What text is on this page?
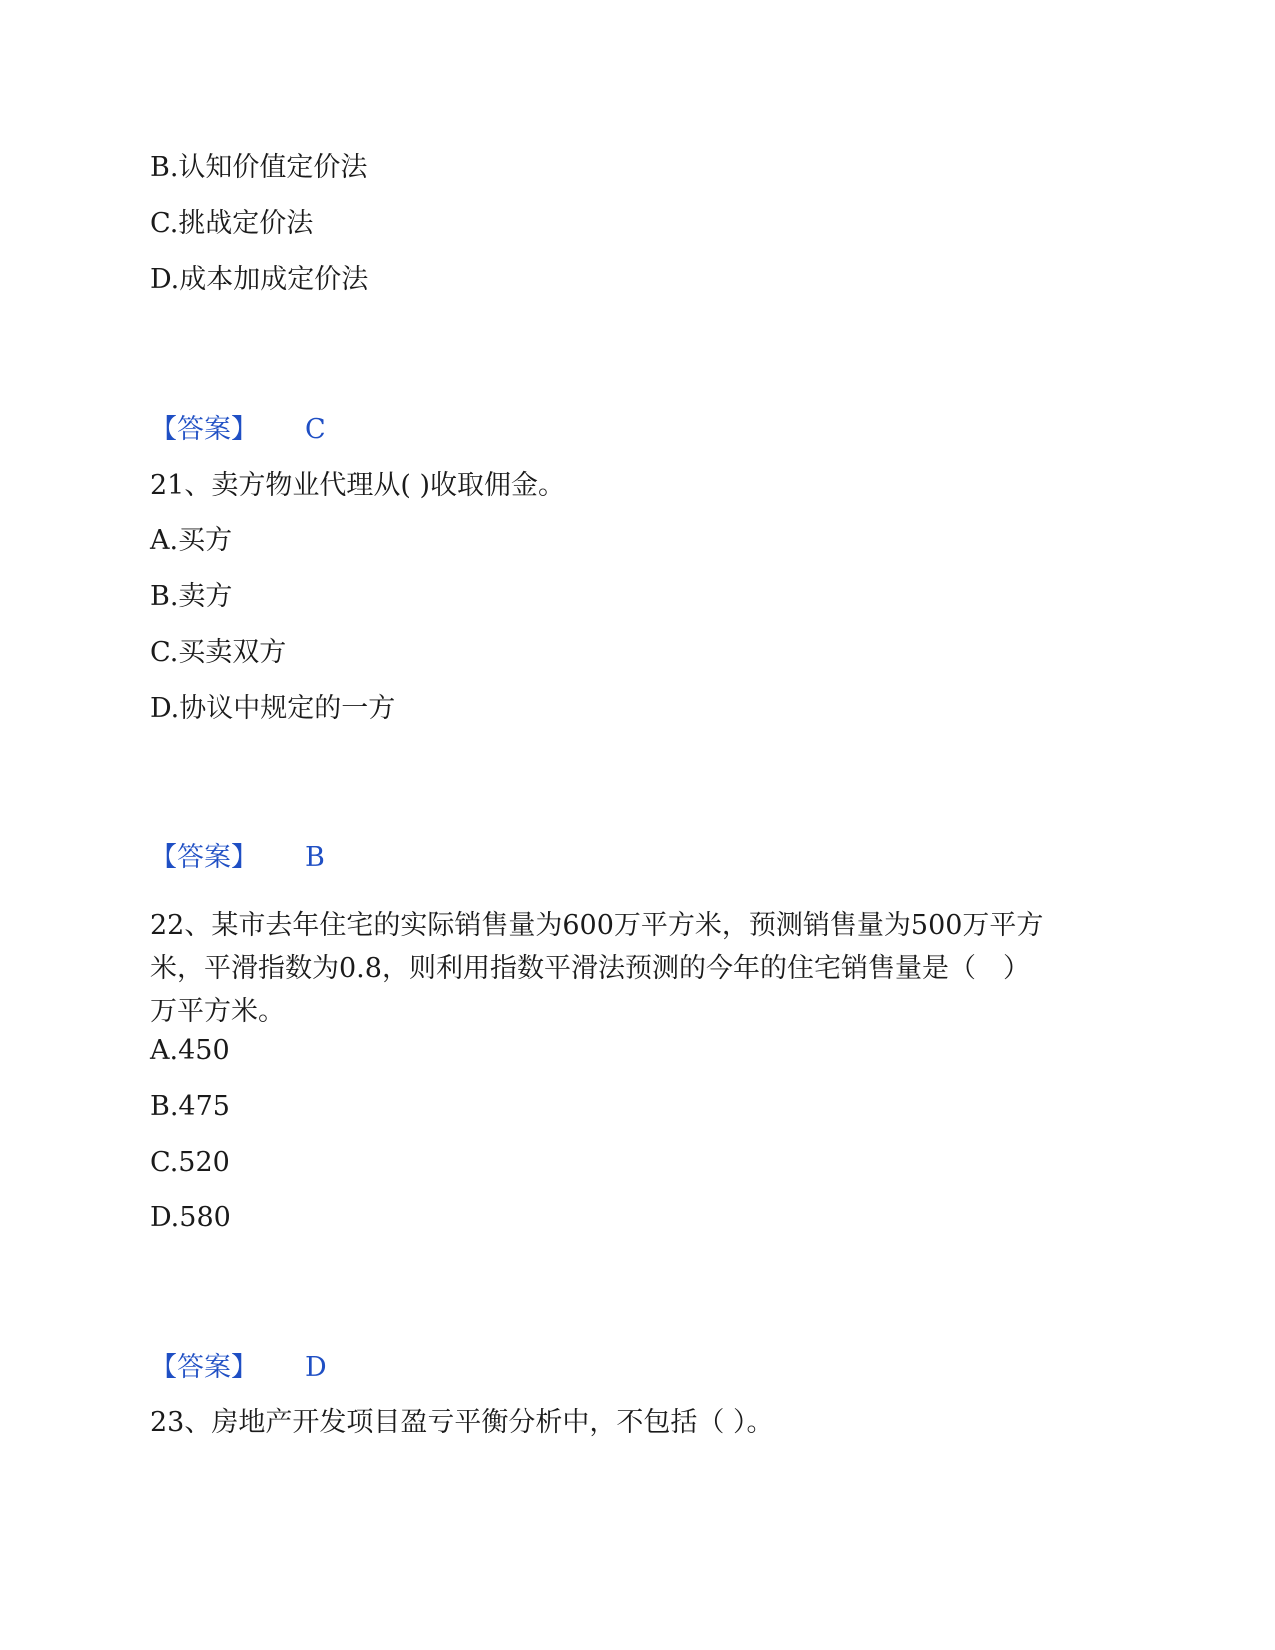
B.认知价值定价法
C.挑战定价法
D.成本加成定价法
【答案】 C
21、卖方物业代理从( )收取佣金。
A.买方
B.卖方
C.买卖双方
D.协议中规定的一方
【答案】 B
22、某市去年住宅的实际销售量为600万平方米，预测销售量为500万平方
米，平滑指数为0.8，则利用指数平滑法预测的今年的住宅销售量是（　）
万平方米。
A.450
B.475
C.520
D.580
【答案】 D
23、房地产开发项目盈亏平衡分析中，不包括（ ）。
